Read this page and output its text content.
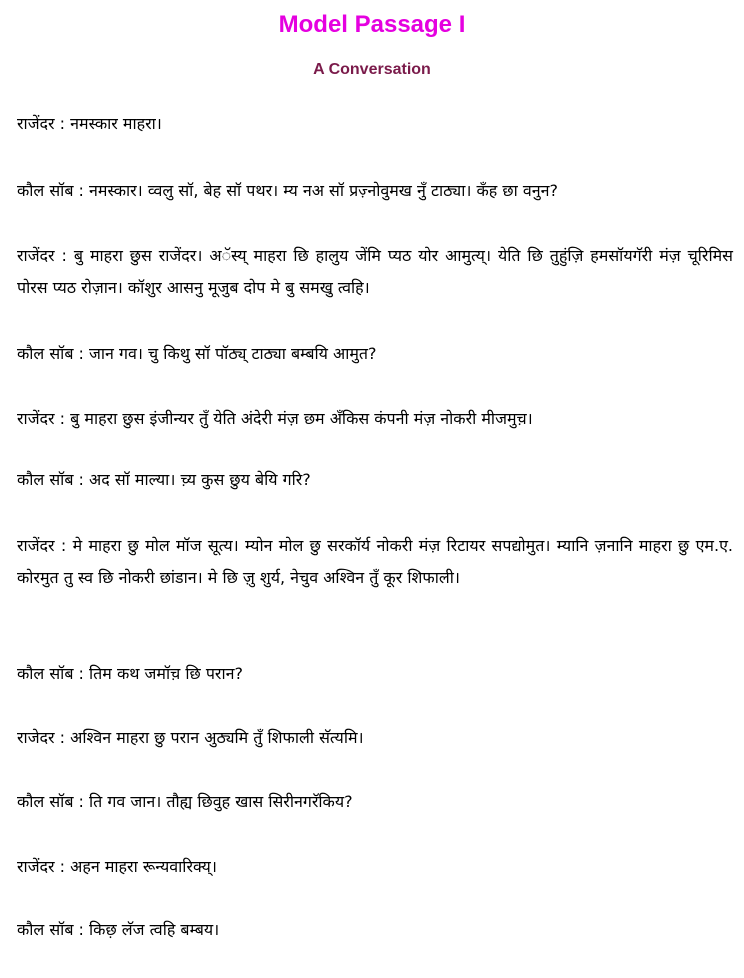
Model Passage I
A Conversation

राजेंदर : नमस्कार माहरा।

कौल सॉब : नमस्कार। व्वलु सॉ, बेह सॉ पथर। म्य नअ सॉ प्रज़्नोवुमख नुँ टाठ्या। कँह छा वनुन?

राजेंदर : बु माहरा छुस राजेंदर। अॅस्य् माहरा छि हालुय जेंमि प्यठ योर आमुत्य्। येति छि तुहुंज़ि हमसॉयगॅरी मंज़ चूरिमिस पोरस प्यठ रोज़ान। कॉशुर आसनु मूजुब दोप मे बु समखु त्वहि।

कौल सॉब : जान गव। चु किथु सॉ पॉठ्य् टाठ्या बम्बयि आमुत?

राजेंदर : बु माहरा छुस इंजीन्यर तुँ येति अंदेरी मंज़ छम अँकिस कंपनी मंज़ नोकरी मीजमुच़।

कौल सॉब : अद सॉ माल्या। च़्य कुस छुय बेयि गरि?

राजेंदर : मे माहरा छु मोल मॉज सूत्य। म्योन मोल छु सरकॉर्य नोकरी मंज़ रिटायर सपद्योमुत। म्यानि ज़नानि माहरा छु एम.ए. कोरमुत तु स्व छि नोकरी छांडान। मे छि ज़ु शुर्य, नेचुव अश्विन तुँ कूर शिफाली।

कौल सॉब : तिम कथ जमॉच़ छि परान?

राजेदर : अश्विन माहरा छु परान अुठ्यमि तुँ शिफाली सॅत्यमि।

कौल सॉब : ति गव जान। तौह्य छिवुह खास सिरीनगरॅकिय?

राजेंदर : अहन माहरा रून्यवारिक्य्।

कौल सॉब : किछ़ लॅज त्वहि बम्बय।
